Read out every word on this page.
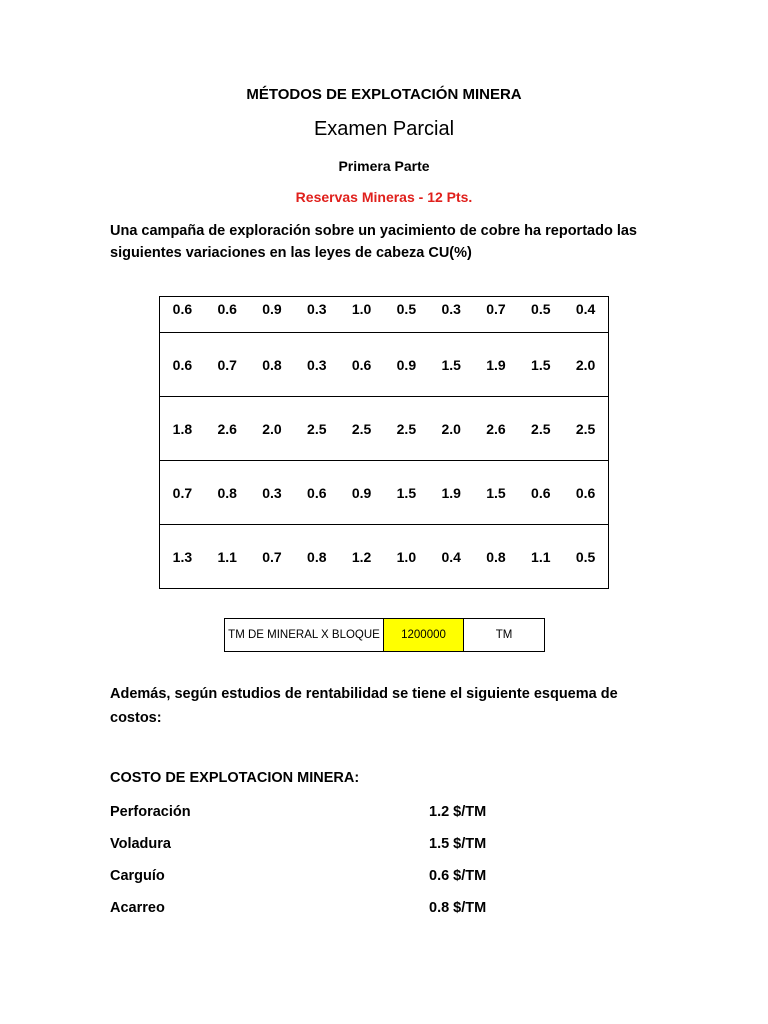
MÉTODOS DE EXPLOTACIÓN MINERA
Examen Parcial
Primera Parte
Reservas Mineras - 12 Pts.
Una campaña de exploración sobre un yacimiento de cobre ha reportado las siguientes variaciones en las leyes de cabeza CU(%)
0.6	0.6	0.9	0.3	1.0	0.5	0.3	0.7	0.5	0.4
0.6	0.7	0.8	0.3	0.6	0.9	1.5	1.9	1.5	2.0
1.8	2.6	2.0	2.5	2.5	2.5	2.0	2.6	2.5	2.5
0.7	0.8	0.3	0.6	0.9	1.5	1.9	1.5	0.6	0.6
1.3	1.1	0.7	0.8	1.2	1.0	0.4	0.8	1.1	0.5
TM DE MINERAL X BLOQUE	1200000	TM
Además, según estudios de rentabilidad se tiene el siguiente esquema de costos:
COSTO DE EXPLOTACION MINERA:
Perforación	1.2 $/TM
Voladura	1.5 $/TM
Carguío	0.6 $/TM
Acarreo	0.8 $/TM
